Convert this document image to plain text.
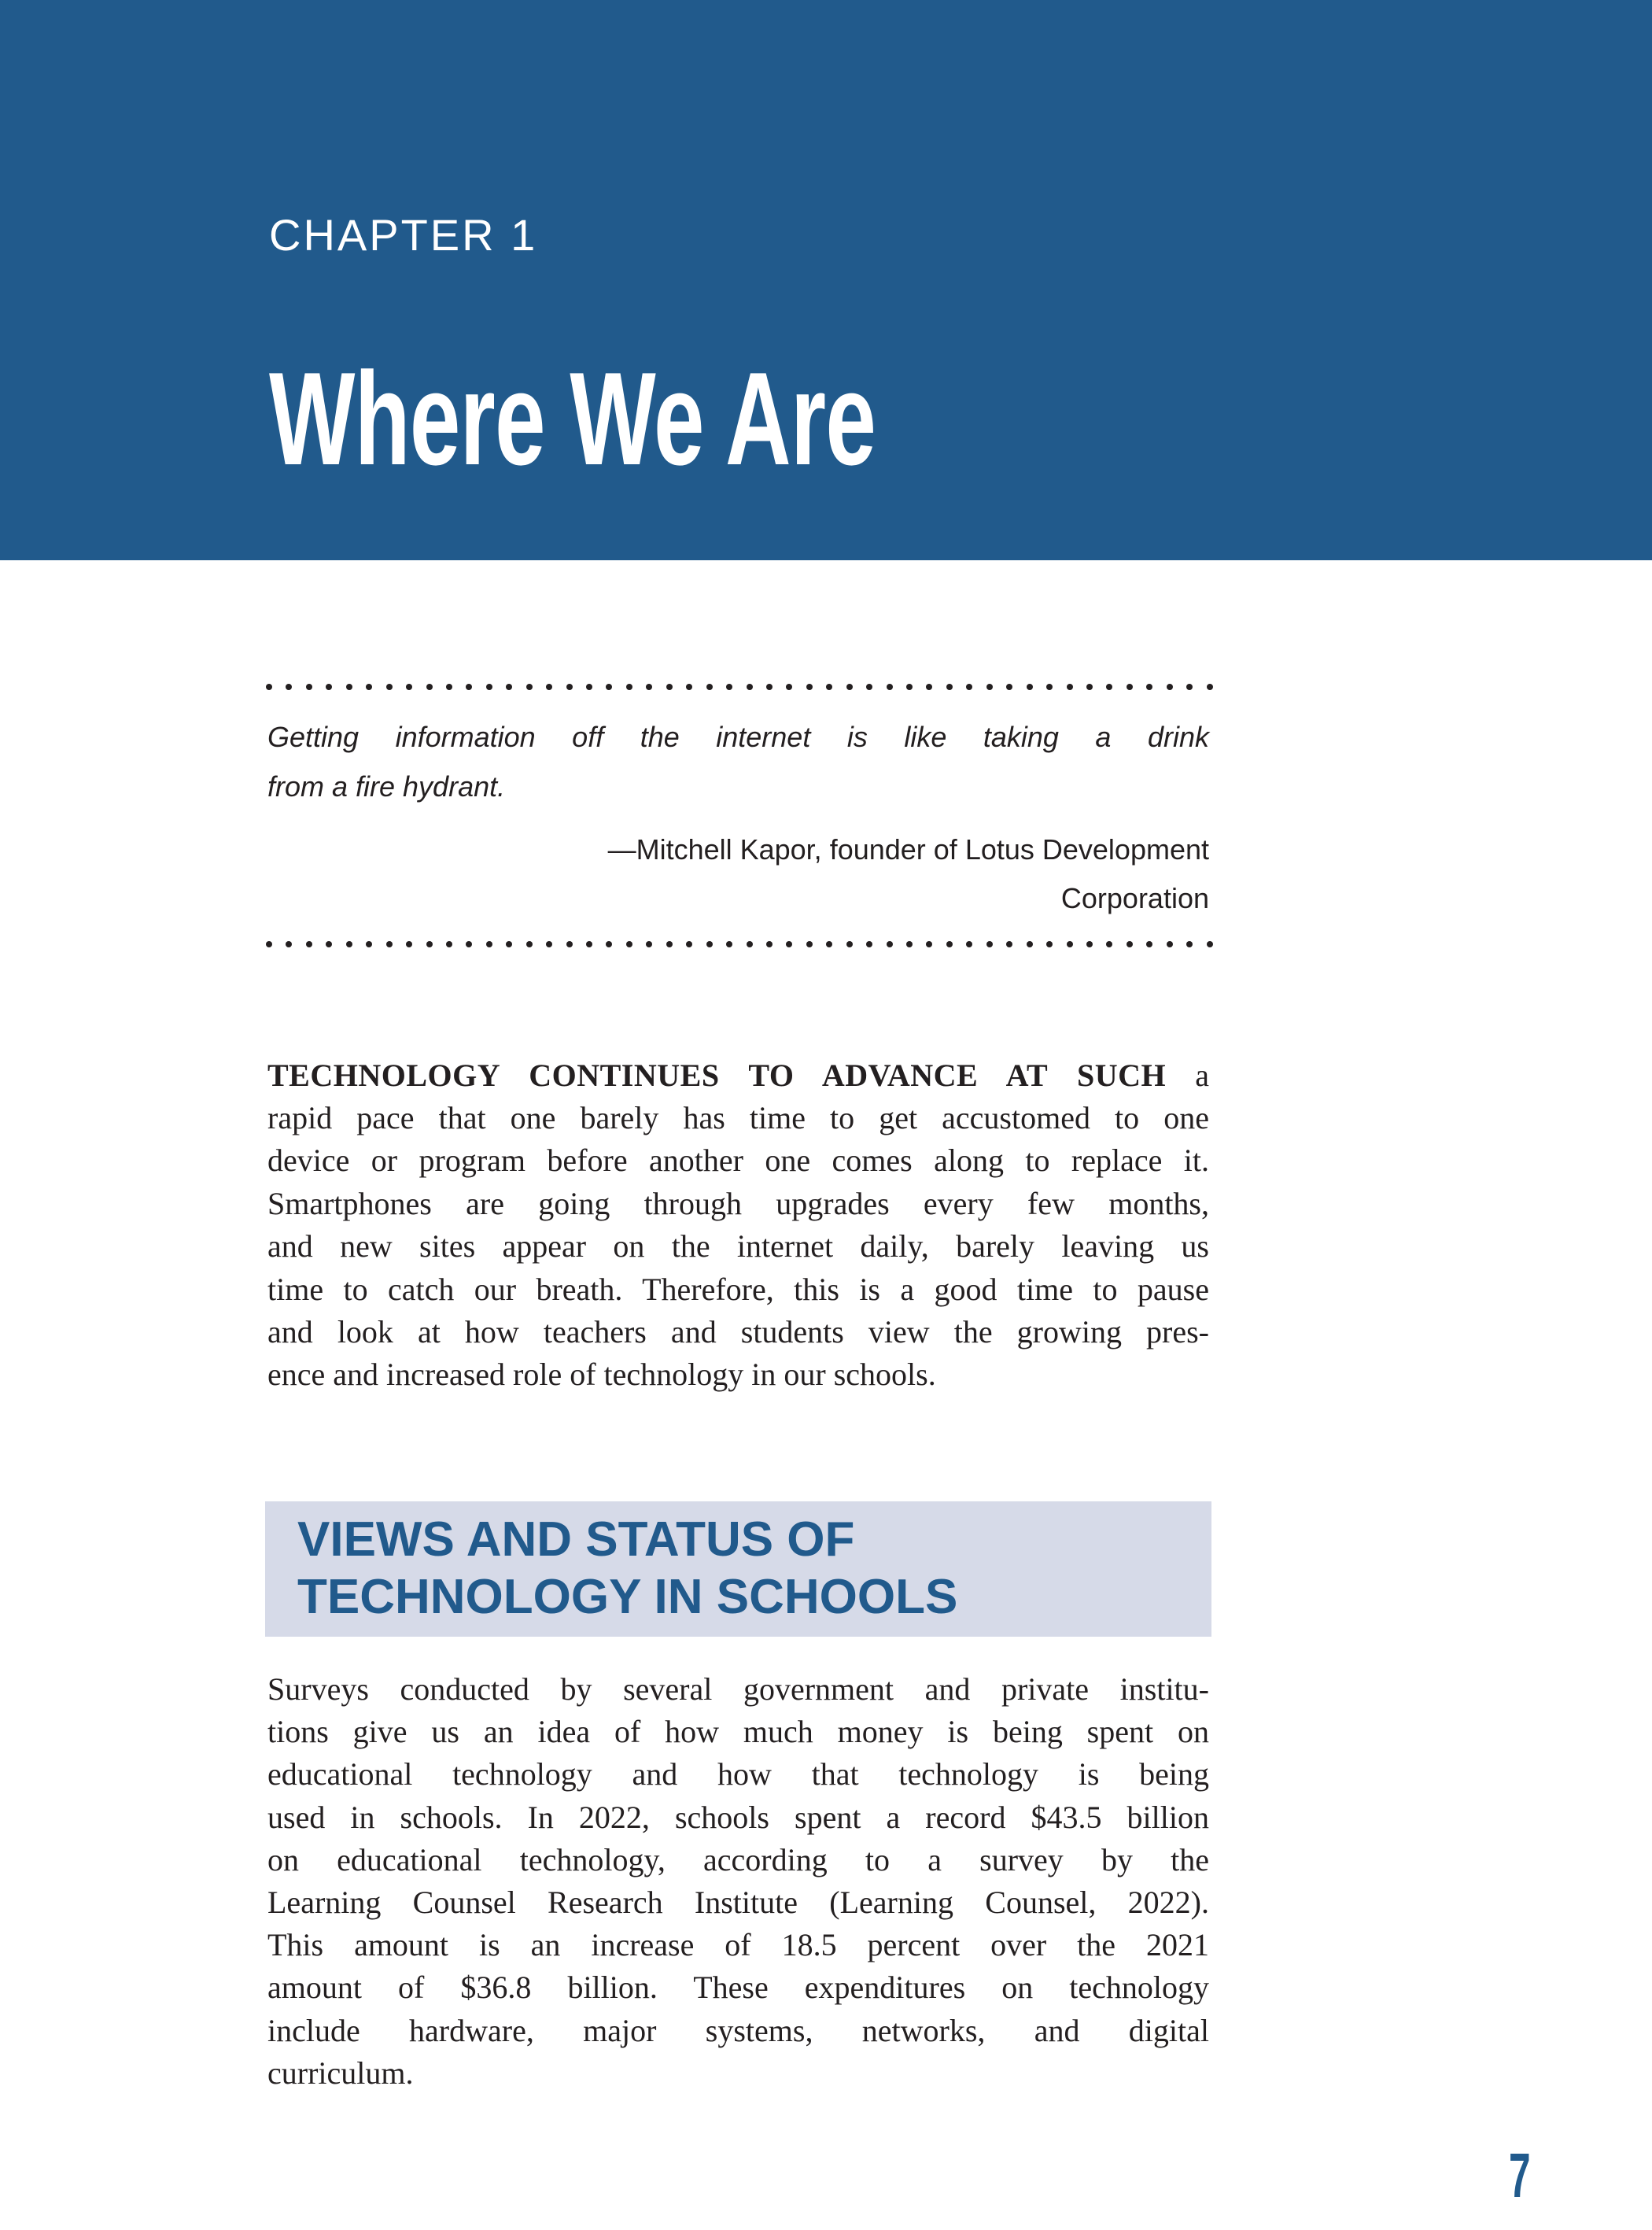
CHAPTER 1
Where We Are
Getting information off the internet is like taking a drink
from a fire hydrant.
—Mitchell Kapor, founder of Lotus Development
Corporation
TECHNOLOGY CONTINUES TO ADVANCE AT SUCH a
rapid pace that one barely has time to get accustomed to one
device or program before another one comes along to replace it.
Smartphones are going through upgrades every few months,
and new sites appear on the internet daily, barely leaving us
time to catch our breath. Therefore, this is a good time to pause
and look at how teachers and students view the growing pres-
ence and increased role of technology in our schools.
VIEWS AND STATUS OF
TECHNOLOGY IN SCHOOLS
Surveys conducted by several government and private institu-
tions give us an idea of how much money is being spent on
educational technology and how that technology is being
used in schools. In 2022, schools spent a record $43.5 billion
on educational technology, according to a survey by the
Learning Counsel Research Institute (Learning Counsel, 2022).
This amount is an increase of 18.5 percent over the 2021
amount of $36.8 billion. These expenditures on technology
include hardware, major systems, networks, and digital
curriculum.
7
